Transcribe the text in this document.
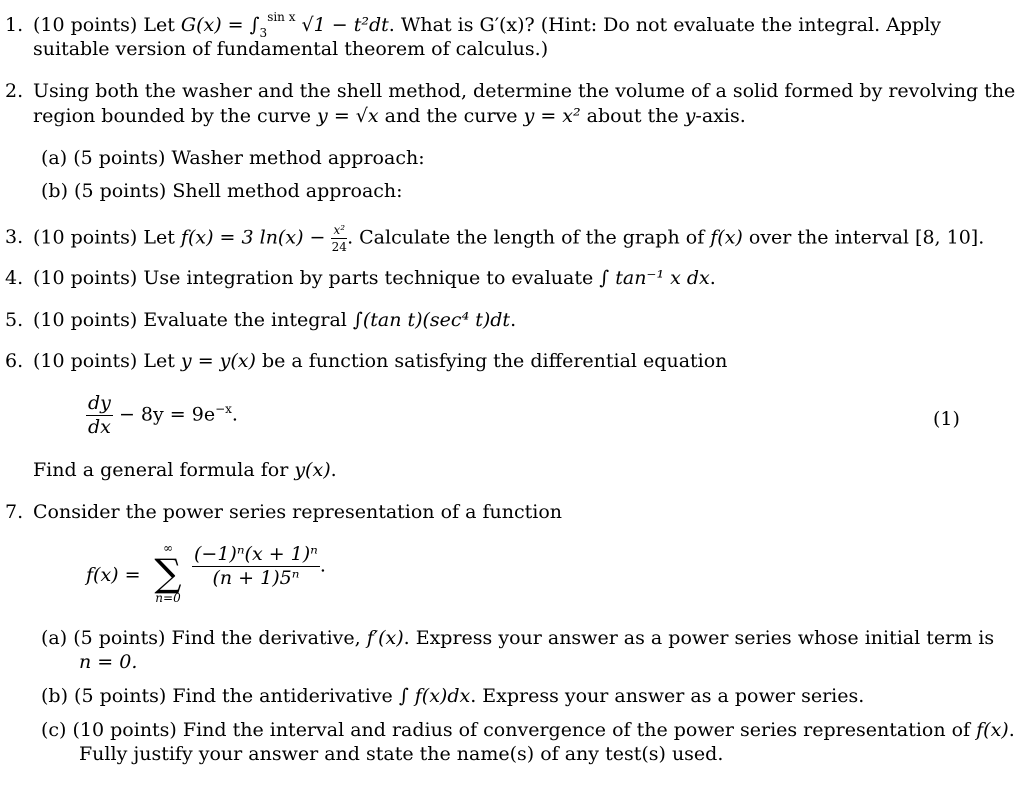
1. (10 points) Let $G(x) = \int_3^{sin x}$ √1 − t²dt. What is G′(x)? (Hint: Do not evaluate the integral. Apply
suitable version of fundamental theorem of calculus.)
2. Using both the washer and the shell method, determine the volume of a solid formed by revolving the
region bounded by the curve y = √x and the curve y = x² about the y-axis.
(a) (5 points) Washer method approach:
(b) (5 points) Shell method approach:
3. (10 points) Let f(x) = 3 $\ln(x) - \frac{\text{x²}}{24}$ . Calculate the length of the graph of f(x) over the interval [8, 10].
4. (10 points) Use integration by parts technique to evaluate ∫ tan⁻¹ x dx.
5. (10 points) Evaluate the integral ∫(tan t)(sec⁴ t)dt.
6. (10 points) Let y = y(x) be a function satisfying the differential equation
$\frac{dy}{dx} - 8y = 9e^{-x}$.	(1)
Find a general formula for y(x).
7. Consider the power series representation of a function
f(x) =
∞
∑
n=0
$\frac{\text{(−1)ⁿ(x + 1)ⁿ}}{\text{(n + 1)5ⁿ}}$ .
(a) (5 points) Find the derivative, f′(x). Express your answer as a power series whose initial term is
n = 0.
(b) (5 points) Find the antiderivative ∫ f(x)dx. Express your answer as a power series.
(c) (10 points) Find the interval and radius of convergence of the power series representation of f(x).
Fully justify your answer and state the name(s) of any test(s) used.
